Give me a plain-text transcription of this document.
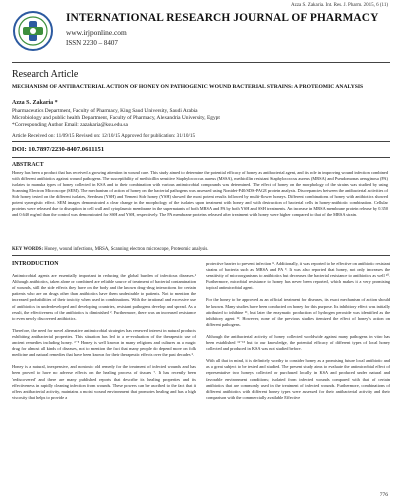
Azza S. Zakaria. Int. Res. J. Pharm. 2015, 6 (11)
INTERNATIONAL RESEARCH JOURNAL OF PHARMACY
www.irjponline.com
ISSN 2230 – 8407
Research Article
MECHANISM OF ANTIBACTERIAL ACTION OF HONEY ON PATHOGENIC WOUND BACTERIAL STRAINS: A PROTEOMIC ANALYSIS
Azza S. Zakaria *
Pharmaceutics Department, Faculty of Pharmacy, King Saud University, Saudi Arabia
Microbiology and public health Department, Faculty of Pharmacy, Alexandria University, Egypt
*Corresponding Author Email: zazakaria@ksu.edu.sa
Article Received on: 11/09/15 Revised on: 12/10/15 Approved for publication: 31/10/15
DOI: 10.7897/2230-8407.0611151
ABSTRACT
Honey has been a product that has received a growing attention in wound care. This study aimed to determine the potential efficacy of honey as antibacterial agent, and its role in improving wound infection combined with different antibiotics against wound pathogens. The susceptibility of methicillin sensitive Staphylococcus aureus (MSSA), methicillin resistant Staphylococcus aureus (MRSA) and Pseudomonas aeruginosa (PA) isolates to manuka types of honey collected in KSA and to their combination with various antimicrobial compounds was determined. The effect of honey on the morphology of the strains was studied by using Scanning Electron Microscope (SEM). The mechanism of action of honey on the bacterial pathogens was assessed using Nonidet-P40/SDS-PAGE protein analysis. Discrepancies between the antibacterial activities of Sidr honey tested on the different isolates, Seedrum (YSH) and Yemeni Sidr honey (YSH) showed the most potent results followed by multi-flower honeys. Different combinations of honey with antibiotics showed potent synergistic effect. SEM images demonstrated a clear change in the morphology of the isolates upon treatment with honey and with destruction of bacterial cells in honey-antibiotic combination. Cellular proteins were released due to disruption in cell wall and cytoplasmic membrane in the supernatants of both MRSA and PA by both YSH and SSH treatments. An increase in MRSA membrane protein release by 0.350 and 0.640 mg/ml than the control was demonstrated for SSH and YSH, respectively. The PA membrane proteins released after treatment with honey were higher compared to that of the MRSA strain.
KEY WORDS: Honey, wound infections, MRSA, Scanning electron microscope, Proteomic analysis.
INTRODUCTION

Antimicrobial agents are essentially important in reducing the global burden of infectious diseases.¹ Although antibiotics, taken alone or combined are reliable source of treatment of bacterial contamination of wounds, still the side effects they have on the body and the known drug-drug interactions for certain patients who are on drugs other than antibiotics have them undesirable to patients. Not to mention the increased probabilities of their toxicity when used in combinations. With the irrational and excessive use of antibiotics in underdeveloped and developing countries, resistant pathogens develop and spread. As a result, the effectiveness of the antibiotics is diminished ². Furthermore, there was an increased resistance to even newly discovered antibiotics.

Therefore, the need for novel alternative antimicrobial strategies has renewed interest in natural products exhibiting antibacterial properties. This situation has led to a re-evaluation of the therapeutic use of ancient remedies including honey. ³⁻⁵ Honey is well known in many religions and cultures as a magic drug for almost all kinds of diseases, not to mention the fact that many people do depend more on folk medicine and natural remedies that have been known for their therapeutic effects over the past decades ⁶.

Honey is a natural, inexpensive, and nontoxic old remedy for the treatment of infected wounds and has been proved to have no adverse effects on the healing process of tissues ⁷. It has recently been 'rediscovered' and there are many published reports that describe its healing properties and its effectiveness in rapidly cleaning infection from wounds. These powers can be ascribed to the fact that it offers antibacterial activity, maintains a moist wound environment that promotes healing and has a high viscosity that helps to provide a

protective barrier to prevent infection ⁸. Additionally, it was reported to be effective on antibiotic resistant strains of bacteria such as MRSA and PA ⁹. It was also reported that honey, not only increases the sensitivity of microorganisms to antibiotics but decreases the bacterial resistance to antibiotics as well ¹⁰. Furthermore, microbial resistance to honey has never been reported, which makes it a very promising topical antimicrobial agent.

For the honey to be approved as an official treatment for diseases, its exact mechanism of action should be known. Many studies have been conducted on honey for this purpose. Its inhibitory effect was initially attributed to inhibine ¹¹, but later the enzymatic production of hydrogen peroxide was identified as the inhibitory agent ¹². However, none of the previous studies itemized the effect of honey's action on different pathogens.

Although the antibacterial activity of honey collected worldwide against many pathogens in vitro has been established ¹³⁻¹⁵ but to our knowledge, the potential efficacy of different types of local honey collected and produced in KSA was not studied before.

With all that in mind, it is definitely worthy to consider honey as a promising future local antibiotic and as a great subject to be tested and studied. The present study aims to evaluate the antimicrobial effect of representative two honeys collected or purchased locally in KSA and produced under natural and favorable environment conditions; isolated from infected wounds compared with that of certain antibiotics that are commonly used in the treatment of infected wounds. Furthermore, combinations of different antibiotics with different honey types were assessed for their antibacterial activity and their comparison with the commercially available Effective

776
